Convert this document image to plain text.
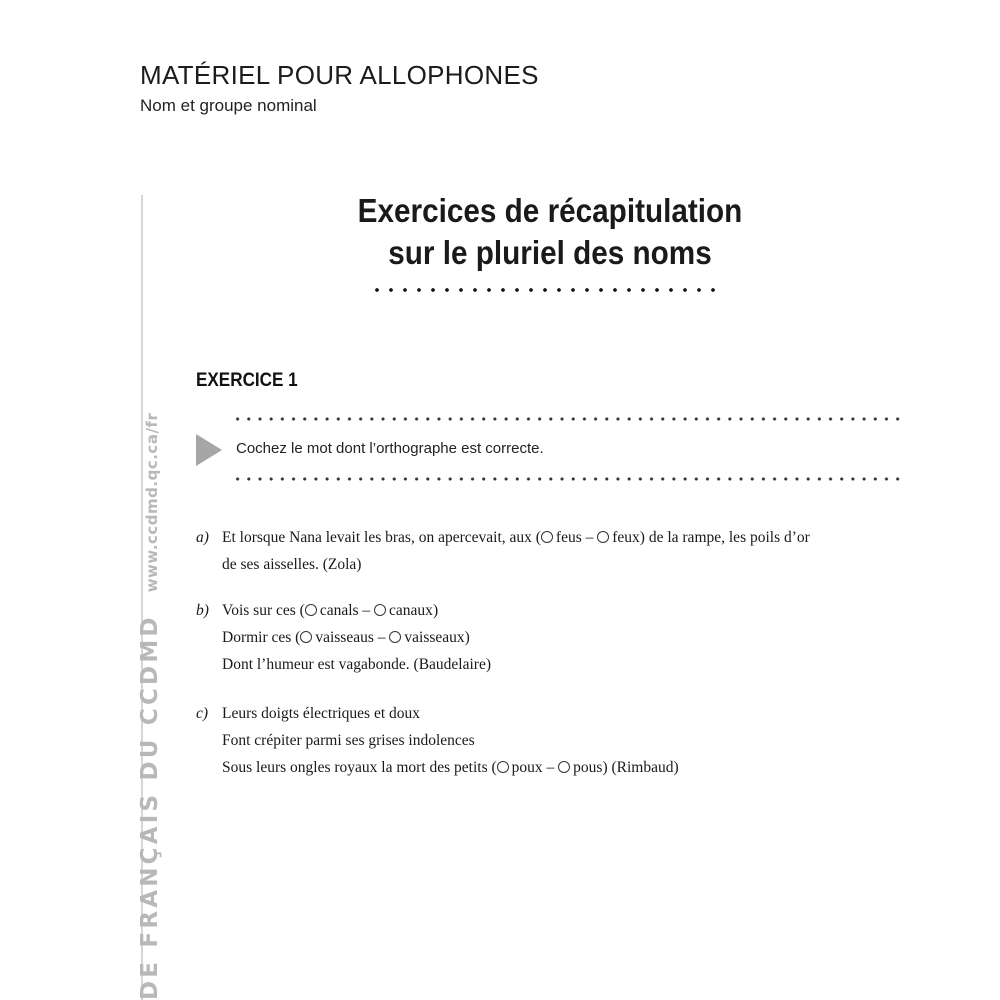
MATÉRIEL POUR ALLOPHONES
Nom et groupe nominal
DE FRANÇAIS DU CCDMDwww.ccdmd.qc.ca/fr
Exercices de récapitulation
sur le pluriel des noms
EXERCICE 1
Cochez le mot dont l’orthographe est correcte.
a) Et lorsque Nana levait les bras, on apercevait, aux ( feus – feux) de la rampe, les poils d’or
de ses aisselles. (Zola)
b) Vois sur ces ( canals – canaux)
Dormir ces ( vaisseaus – vaisseaux)
Dont l’humeur est vagabonde. (Baudelaire)
c) Leurs doigts électriques et doux
Font crépiter parmi ses grises indolences
Sous leurs ongles royaux la mort des petits ( poux – pous) (Rimbaud)
